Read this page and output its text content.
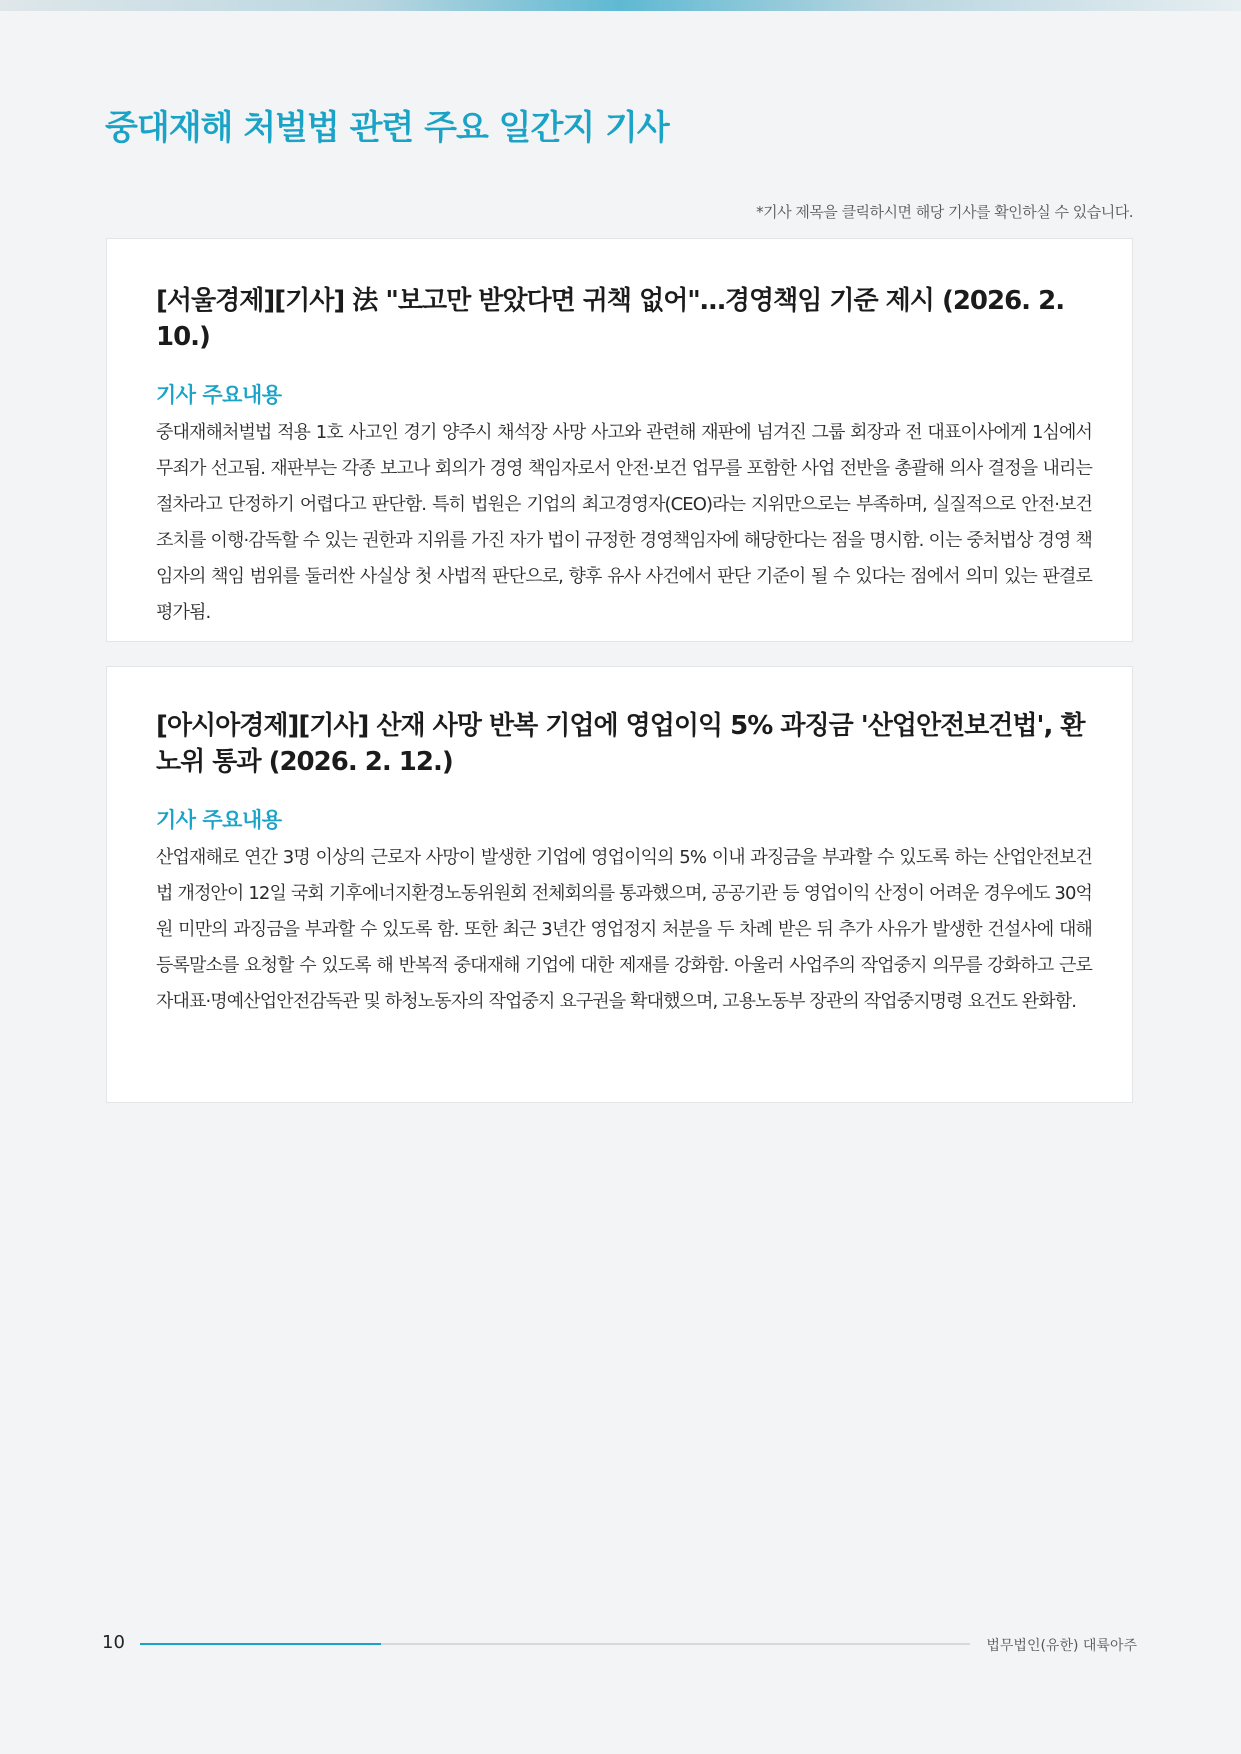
중대재해 처벌법 관련 주요 일간지 기사
*기사 제목을 클릭하시면 해당 기사를 확인하실 수 있습니다.
[서울경제][기사] 法 "보고만 받았다면 귀책 없어"…경영책임 기준 제시 (2026. 2. 10.)
기사 주요내용

중대재해처벌법 적용 1호 사고인 경기 양주시 채석장 사망 사고와 관련해 재판에 넘겨진 그룹 회장과 전 대표이사에게 1심에서 무죄가 선고됨. 재판부는 각종 보고나 회의가 경영 책임자로서 안전·보건 업무를 포함한 사업 전반을 총괄해 의사 결정을 내리는 절차라고 단정하기 어렵다고 판단함. 특히 법원은 기업의 최고경영자(CEO)라는 지위만으로는 부족하며, 실질적으로 안전·보건 조치를 이행·감독할 수 있는 권한과 지위를 가진 자가 법이 규정한 경영책임자에 해당한다는 점을 명시함. 이는 중처법상 경영 책임자의 책임 범위를 둘러싼 사실상 첫 사법적 판단으로, 향후 유사 사건에서 판단 기준이 될 수 있다는 점에서 의미 있는 판결로 평가됨.

[아시아경제][기사] 산재 사망 반복 기업에 영업이익 5% 과징금 '산업안전보건법', 환노위 통과 (2026. 2. 12.)
기사 주요내용

산업재해로 연간 3명 이상의 근로자 사망이 발생한 기업에 영업이익의 5% 이내 과징금을 부과할 수 있도록 하는 산업안전보건법 개정안이 12일 국회 기후에너지환경노동위원회 전체회의를 통과했으며, 공공기관 등 영업이익 산정이 어려운 경우에도 30억원 미만의 과징금을 부과할 수 있도록 함. 또한 최근 3년간 영업정지 처분을 두 차례 받은 뒤 추가 사유가 발생한 건설사에 대해 등록말소를 요청할 수 있도록 해 반복적 중대재해 기업에 대한 제재를 강화함. 아울러 사업주의 작업중지 의무를 강화하고 근로자대표·명예산업안전감독관 및 하청노동자의 작업중지 요구권을 확대했으며, 고용노동부 장관의 작업중지명령 요건도 완화함.

10	법무법인(유한) 대륙아주
